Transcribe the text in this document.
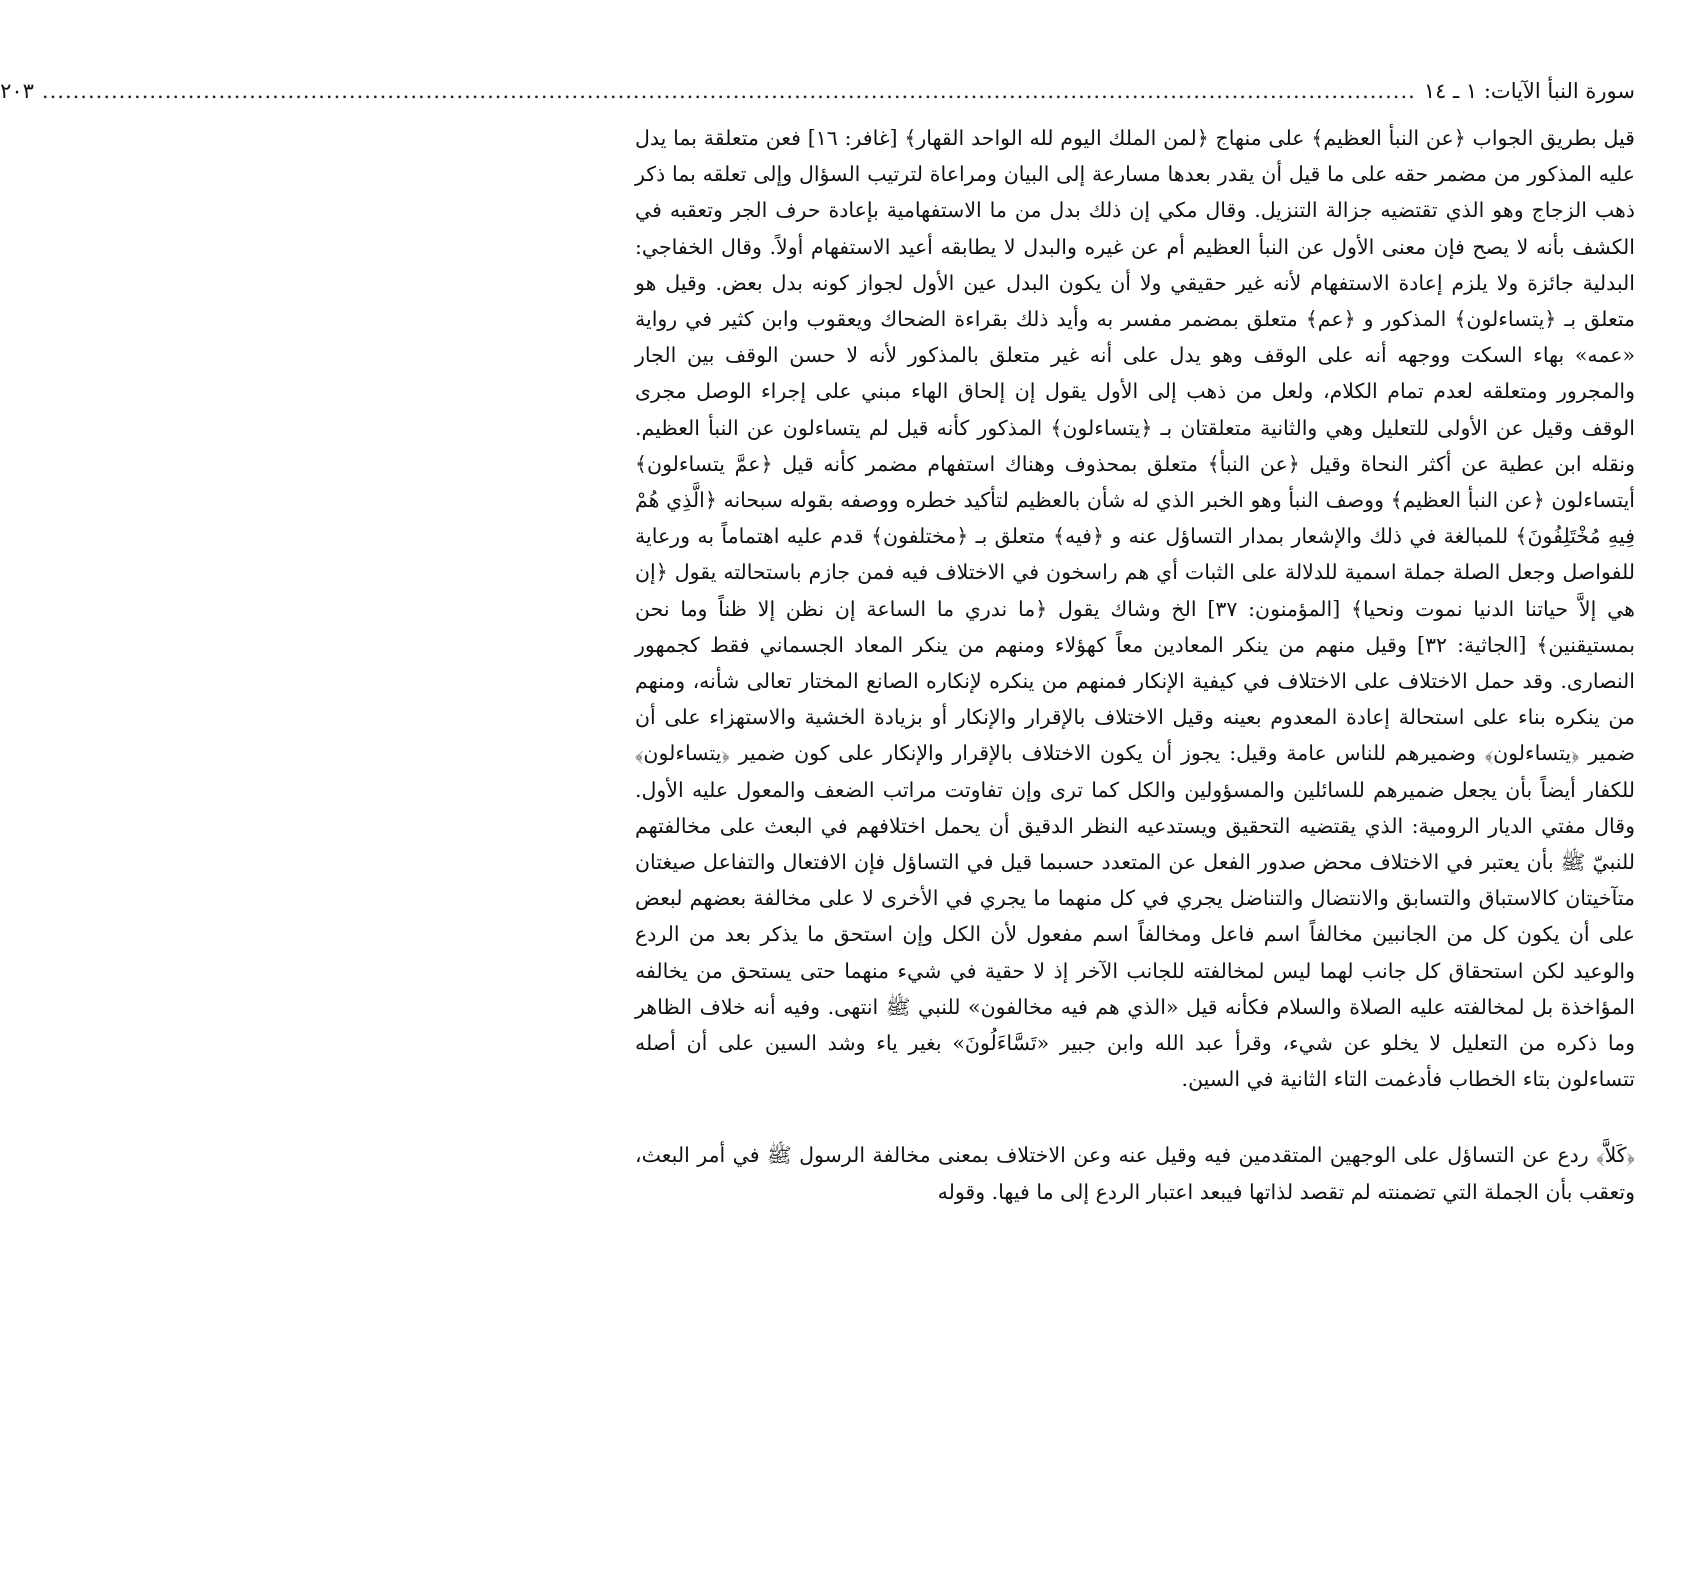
سورة النبأ الآيات: ١ ـ ١٤
...................................................................................................................................................................................
٢٠٣

قيل بطريق الجواب ﴿عن النبأ العظيم﴾ على منهاج ﴿لمن الملك اليوم لله الواحد القهار﴾ [غافر: ١٦] فعن متعلقة بما يدل عليه المذكور من مضمر حقه على ما قيل أن يقدر بعدها مسارعة إلى البيان ومراعاة لترتيب السؤال وإلى تعلقه بما ذكر ذهب الزجاج وهو الذي تقتضيه جزالة التنزيل. وقال مكي إن ذلك بدل من ما الاستفهامية بإعادة حرف الجر وتعقبه في الكشف بأنه لا يصح فإن معنى الأول عن النبأ العظيم أم عن غيره والبدل لا يطابقه أعيد الاستفهام أولاً. وقال الخفاجي: البدلية جائزة ولا يلزم إعادة الاستفهام لأنه غير حقيقي ولا أن يكون البدل عين الأول لجواز كونه بدل بعض. وقيل هو متعلق بـ ﴿يتساءلون﴾ المذكور و ﴿عم﴾ متعلق بمضمر مفسر به وأيد ذلك بقراءة الضحاك ويعقوب وابن كثير في رواية «عمه» بهاء السكت ووجهه أنه على الوقف وهو يدل على أنه غير متعلق بالمذكور لأنه لا حسن الوقف بين الجار والمجرور ومتعلقه لعدم تمام الكلام، ولعل من ذهب إلى الأول يقول إن إلحاق الهاء مبني على إجراء الوصل مجرى الوقف وقيل عن الأولى للتعليل وهي والثانية متعلقتان بـ ﴿يتساءلون﴾ المذكور كأنه قيل لم يتساءلون عن النبأ العظيم. ونقله ابن عطية عن أكثر النحاة وقيل ﴿عن النبأ﴾ متعلق بمحذوف وهناك استفهام مضمر كأنه قيل ﴿عمَّ يتساءلون﴾ أيتساءلون ﴿عن النبأ العظيم﴾ ووصف النبأ وهو الخبر الذي له شأن بالعظيم لتأكيد خطره ووصفه بقوله سبحانه ﴿الَّذِي هُمْ فِيهِ مُخْتَلِفُونَ﴾ للمبالغة في ذلك والإشعار بمدار التساؤل عنه و ﴿فيه﴾ متعلق بـ ﴿مختلفون﴾ قدم عليه اهتماماً به ورعاية للفواصل وجعل الصلة جملة اسمية للدلالة على الثبات أي هم راسخون في الاختلاف فيه فمن جازم باستحالته يقول ﴿إن هي إلاَّ حياتنا الدنيا نموت ونحيا﴾ [المؤمنون: ٣٧] الخ وشاك يقول ﴿ما ندري ما الساعة إن نظن إلا ظناً وما نحن بمستيقنين﴾ [الجاثية: ٣٢] وقيل منهم من ينكر المعادين معاً كهؤلاء ومنهم من ينكر المعاد الجسماني فقط كجمهور النصارى. وقد حمل الاختلاف على الاختلاف في كيفية الإنكار فمنهم من ينكره لإنكاره الصانع المختار تعالى شأنه، ومنهم من ينكره بناء على استحالة إعادة المعدوم بعينه وقيل الاختلاف بالإقرار والإنكار أو بزيادة الخشية والاستهزاء على أن ضمير ﴿يتساءلون﴾ وضميرهم للناس عامة وقيل: يجوز أن يكون الاختلاف بالإقرار والإنكار على كون ضمير ﴿يتساءلون﴾ للكفار أيضاً بأن يجعل ضميرهم للسائلين والمسؤولين والكل كما ترى وإن تفاوتت مراتب الضعف والمعول عليه الأول. وقال مفتي الديار الرومية: الذي يقتضيه التحقيق ويستدعيه النظر الدقيق أن يحمل اختلافهم في البعث على مخالفتهم للنبيّ ﷺ بأن يعتبر في الاختلاف محض صدور الفعل عن المتعدد حسبما قيل في التساؤل فإن الافتعال والتفاعل صيغتان متآخيتان كالاستباق والتسابق والانتضال والتناضل يجري في كل منهما ما يجري في الأخرى لا على مخالفة بعضهم لبعض على أن يكون كل من الجانبين مخالفاً اسم فاعل ومخالفاً اسم مفعول لأن الكل وإن استحق ما يذكر بعد من الردع والوعيد لكن استحقاق كل جانب لهما ليس لمخالفته للجانب الآخر إذ لا حقية في شيء منهما حتى يستحق من يخالفه المؤاخذة بل لمخالفته عليه الصلاة والسلام فكأنه قيل «الذي هم فيه مخالفون» للنبي ﷺ انتهى. وفيه أنه خلاف الظاهر وما ذكره من التعليل لا يخلو عن شيء، وقرأ عبد الله وابن جبير «تَسَّاءَلُونَ» بغير ياء وشد السين على أن أصله تتساءلون بتاء الخطاب فأدغمت التاء الثانية في السين.

﴿كَلاَّ﴾ ردع عن التساؤل على الوجهين المتقدمين فيه وقيل عنه وعن الاختلاف بمعنى مخالفة الرسول ﷺ في أمر البعث، وتعقب بأن الجملة التي تضمنته لم تقصد لذاتها فيبعد اعتبار الردع إلى ما فيها. وقوله
